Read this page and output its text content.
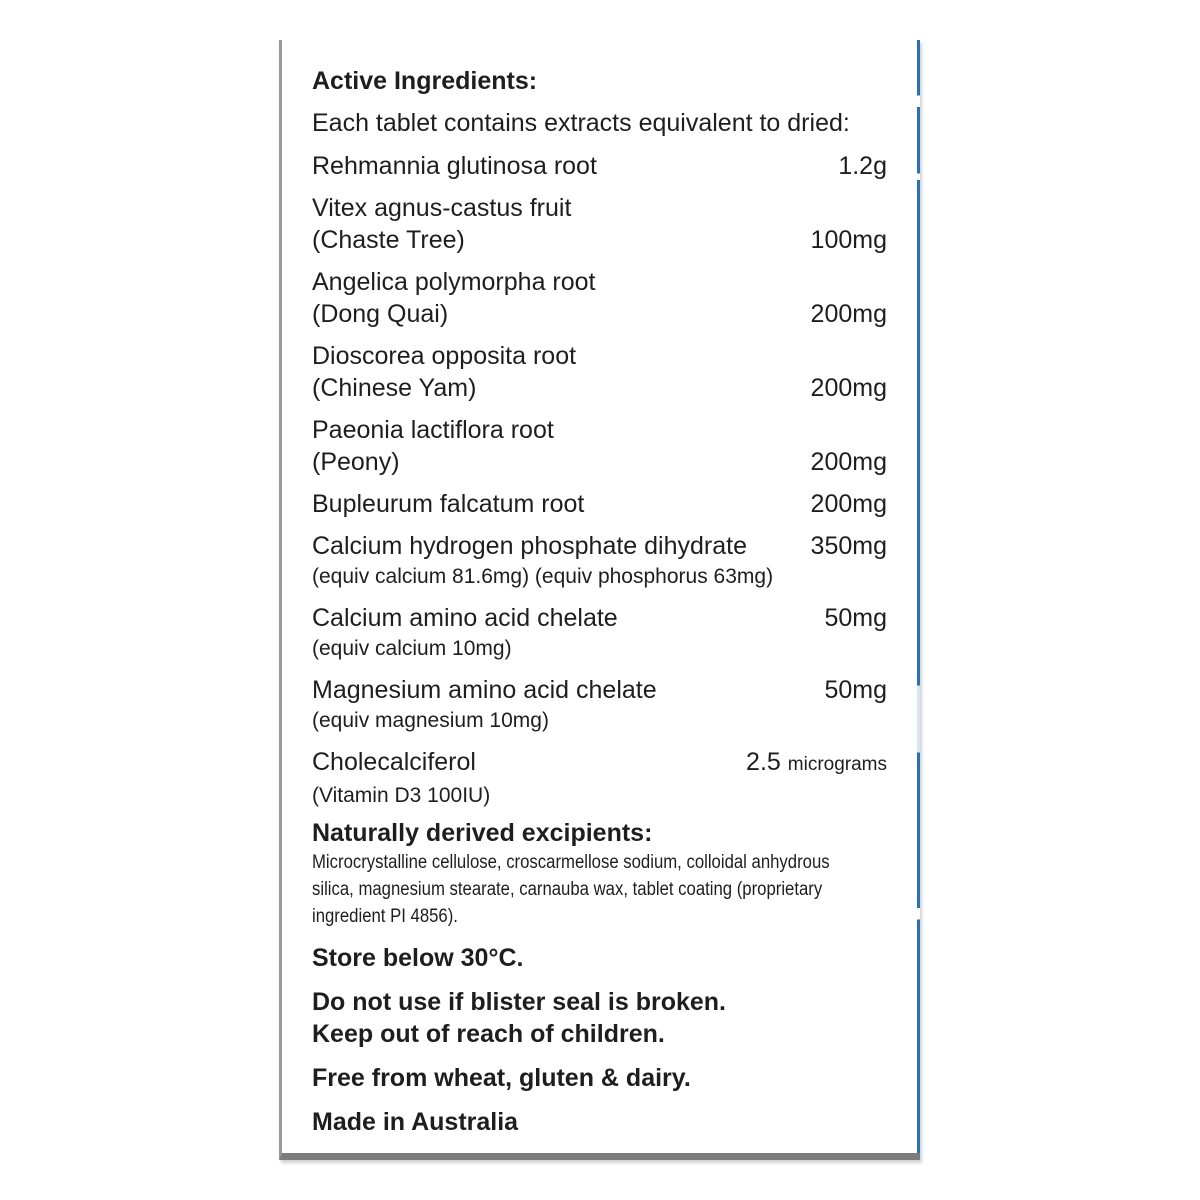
Active Ingredients:
Each tablet contains extracts equivalent to dried:
Rehmannia glutinosa root	1.2g
Vitex agnus-castus fruit
(Chaste Tree)	100mg
Angelica polymorpha root
(Dong Quai)	200mg
Dioscorea opposita root
(Chinese Yam)	200mg
Paeonia lactiflora root
(Peony)	200mg
Bupleurum falcatum root	200mg
Calcium hydrogen phosphate dihydrate	350mg
(equiv calcium 81.6mg) (equiv phosphorus 63mg)
Calcium amino acid chelate	50mg
(equiv calcium 10mg)
Magnesium amino acid chelate	50mg
(equiv magnesium 10mg)
Cholecalciferol	2.5 micrograms
(Vitamin D3 100IU)
Naturally derived excipients:
Microcrystalline cellulose, croscarmellose sodium, colloidal anhydrous silica, magnesium stearate, carnauba wax, tablet coating (proprietary ingredient PI 4856).
Store below 30°C.
Do not use if blister seal is broken.
Keep out of reach of children.
Free from wheat, gluten & dairy.
Made in Australia
